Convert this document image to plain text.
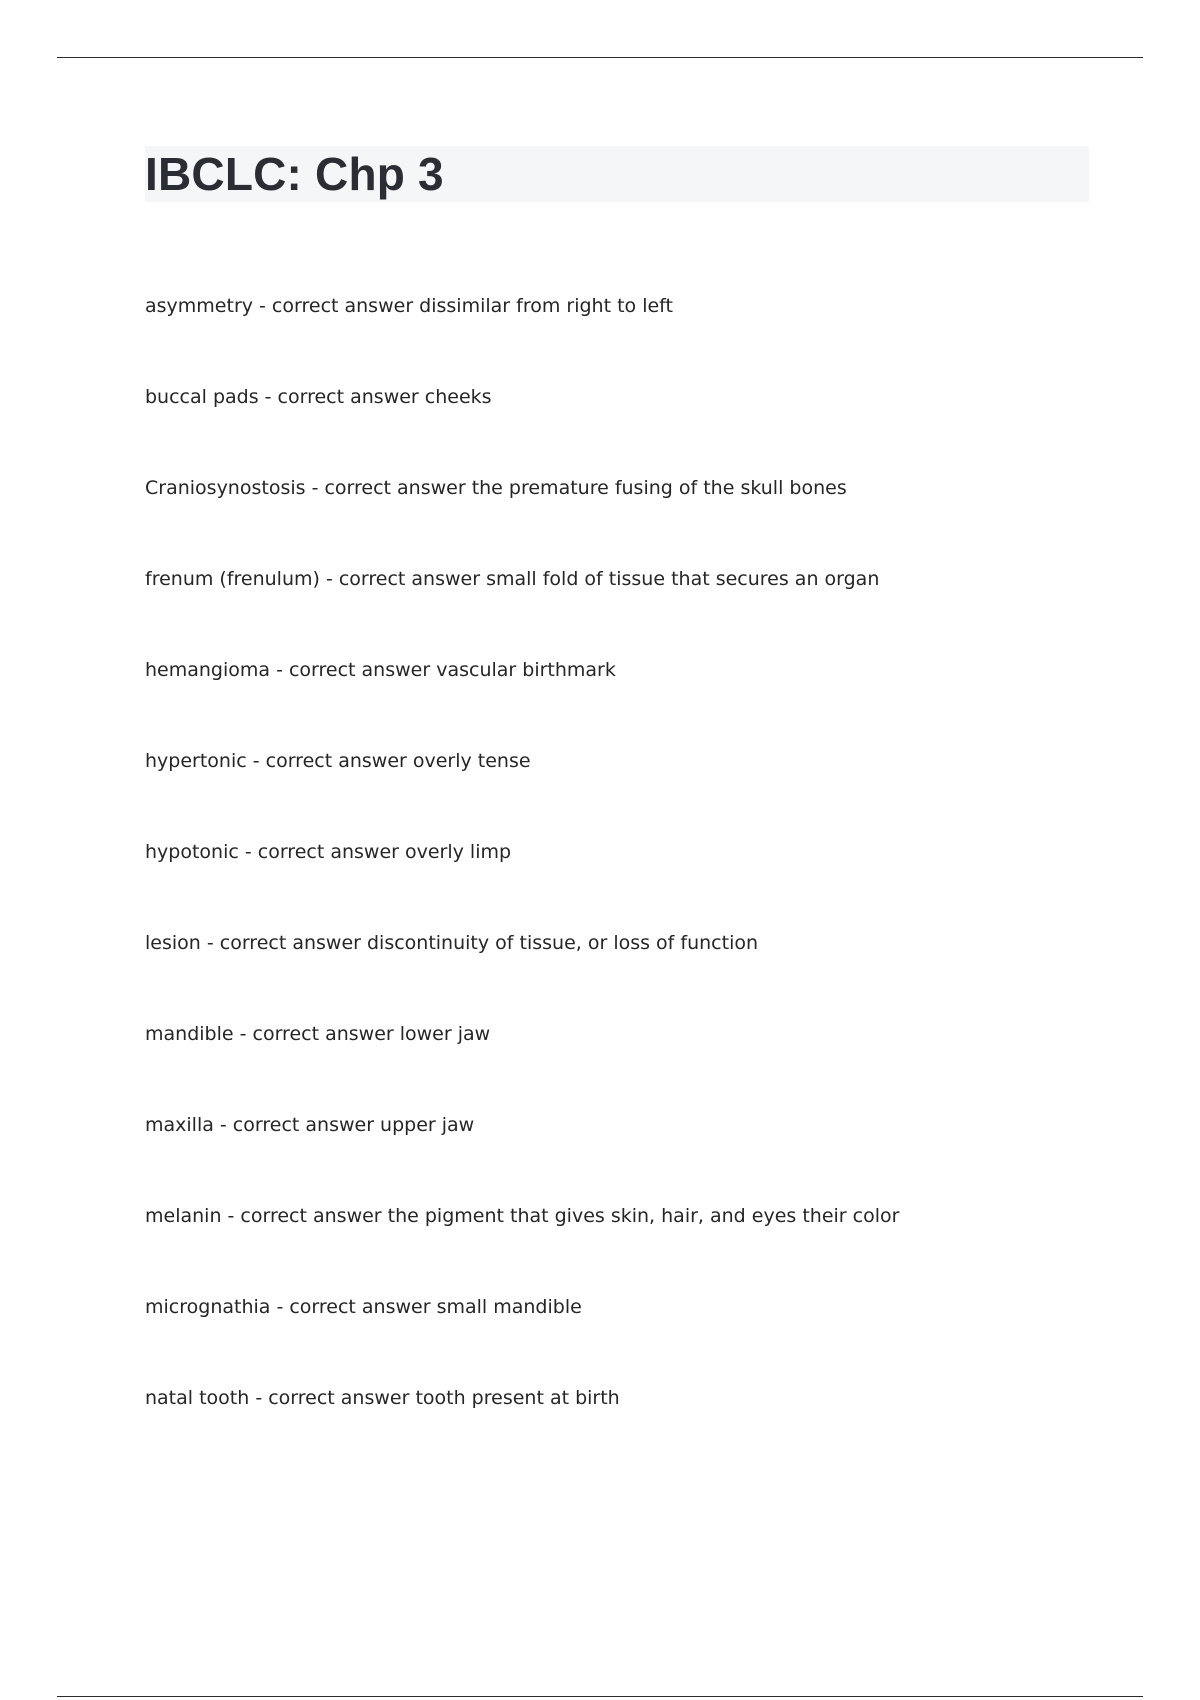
IBCLC: Chp 3
asymmetry - correct answer dissimilar from right to left
buccal pads - correct answer cheeks
Craniosynostosis - correct answer the premature fusing of the skull bones
frenum (frenulum) - correct answer small fold of tissue that secures an organ
hemangioma - correct answer vascular birthmark
hypertonic - correct answer overly tense
hypotonic - correct answer overly limp
lesion - correct answer discontinuity of tissue, or loss of function
mandible - correct answer lower jaw
maxilla - correct answer upper jaw
melanin - correct answer the pigment that gives skin, hair, and eyes their color
micrognathia - correct answer small mandible
natal tooth - correct answer tooth present at birth
